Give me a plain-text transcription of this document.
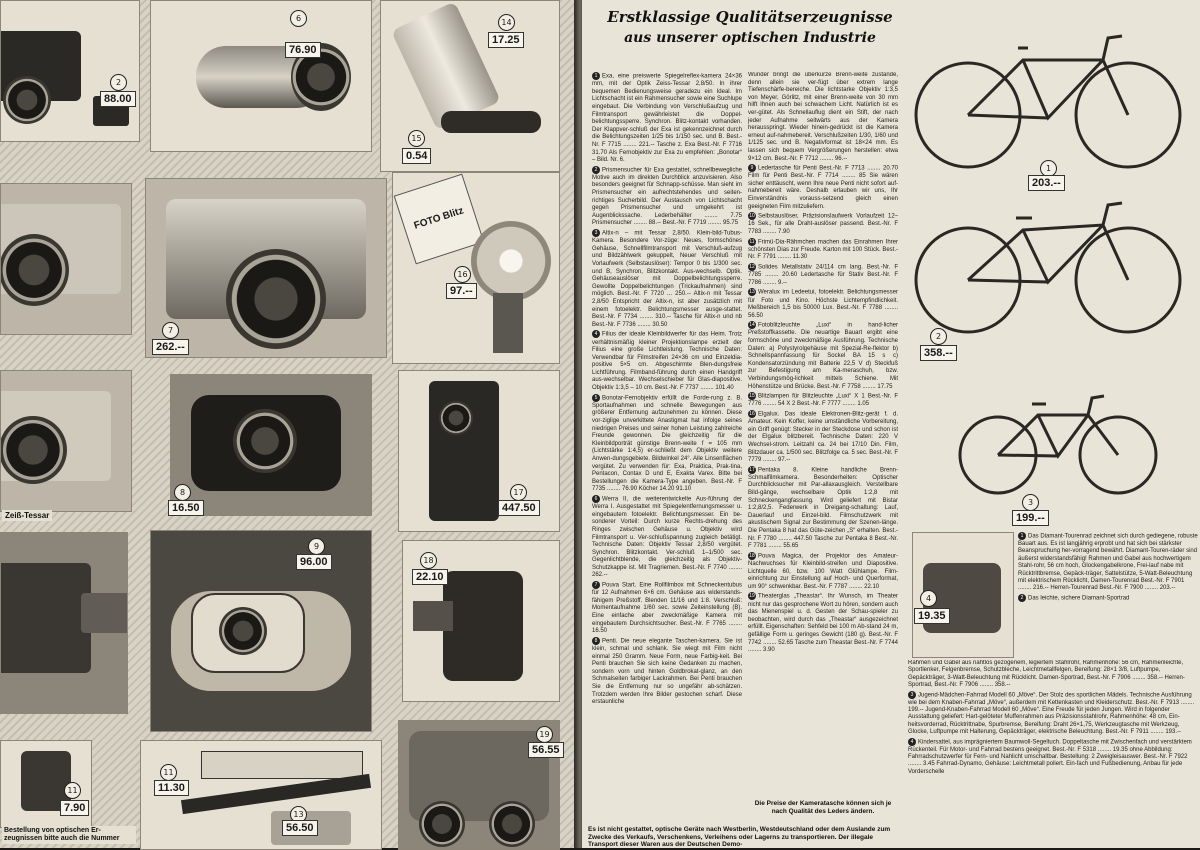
2
88.00
6
76.90
14
17.25
15
0.54
7
262.--
FOTO Blitz
16
97.--
Zeiß-Tessar
8
16.50
17
447.50
9
96.00	18
22.10
11
7.90
11
11.30
13
56.50
19
56.55
Bestellung von optischen Er-
zeugnissen bitte auch die Nummer
Erstklassige Qualitätserzeugnisse
aus unserer optischen Industrie
1 Exa, eine preiswerte Spiegelreflex-kamera 24×36 mm, mit der Optik Zeiss-Tessar 2,8/50. In ihrer bequemen Bedienungsweise geradezu ein Ideal. Im Lichtschacht ist ein Rahmensucher sowie eine Suchlupe eingebaut. Die Verbindung von Verschlußaufzug und Filmtransport gewährleistet die Doppel-belichtungssperre. Synchron. Blitz-kontakt vorhanden. Der Klappver-schluß der Exa ist gekennzeichnet durch die Belichtungszeiten 1/25 bis 1/150 sec. und B. Best.-Nr. F 7715 ........ 221.-- Tasche z. Exa Best.-Nr. F 7716 31.70 Als Fernobjektiv zur Exa zu empfehlen: „Bonotar“ – Bild. Nr. 6.
2 Prismensucher für Exa gestattet, schnellbewegliche Motive auch im direkten Durchblick anzuvisieren. Also besonders geeignet für Schnapp-schüsse. Man sieht im Prismensucher ein aufrechtstehendes und seiten-richtiges Sucherbild. Der Austausch von Lichtschacht gegen Prismensucher und umgekehrt ist Augenblickssache. Lederbehälter ........ 7.75 Prismensucher ........ 88.-- Best.-Nr. F 7719 ........ 95.75
3 Altix-n – mit Tessar 2,8/50. Klein-bild-Tubus-Kamera. Besondere Vor-züge: Neues, formschönes Gehäuse, Schnellfilmtransport mit Verschluß-aufzug und Bildzählwerk gekuppelt, Neuer Verschluß mit Vorlaufwerk (Selbstauslöser): Tempor 0 bis 1/300 sec. und B, Synchron, Blitzkontakt. Aus-wechselb. Optik. Gehäuseauslöser mit Doppelbelichtungssperre. Gewollte Doppelbelichtungen (Trickaufnahmen) sind möglich. Best.-Nr. F 7720 ... 250.-- Altix-n mit Tessar 2,8/50 Entspricht der Altix-n, ist aber zusätzlich mit einem fotoelektr. Belichtungsmesser ausge-stattet. Best.-Nr. F 7734 ........ 310.-- Tasche für Altix-n und nb Best.-Nr. F 7736 ........ 30.50
4 Filius der ideale Kleinbildwerfer für das Heim. Trotz verhältnismäßig kleiner Projektionslampe erzielt der Filius eine große Lichtleistung. Technische Daten: Verwendbar für Filmstreifen 24×36 cm und Einzeldia-positive 5×5 cm. Abgeschirmte Blen-dungsfreie Lichtführung. Filmband-führung durch einen Handgriff aus-wechselbar. Wechselschieber für Glas-diapositive. Objektiv 1:3,5 – 10 cm. Best.-Nr. F 7737 ........ 101.40
5 Bonotar-Fernobjektiv erfüllt die Forde-rung z. B. Sportaufnahmen und schnelle Bewegungen aus größerer Entfernung aufzunehmen zu können. Diese vor-ziglige unverkittete Anastigmat hat infolge seines niedrigen Preises und seiner hohen Leistung zahlreiche Freunde gewonnen. Die gleichzeitig für die Kleinbildporträt günstige Brenn-weite f = 105 mm (Lichtstärke 1:4,5) er-schließt dem Objektiv weitere Anwen-dungsgebiete. Bildwinkel 24°. Alle Linsenflächen vergütet. Zu verwenden für: Exa, Praktica, Prak-tina, Pentacon, Contax D und E, Exakta Varex. Bitte bei Bestellungen die Kamera-Type angeben. Best.-Nr. F 7735 ........ 76.90 Köcher 14.20 91.10
6 Werra II, die weiterentwickelte Aus-führung der Werra I. Ausgestattet mit Spiegelentfernungsmesser u. eingebautem fotoelektr. Belichtungsmesser. Ein be-sonderer Vorteil: Durch kurze Rechts-drehung des Ringes zwischen Gehäuse u. Objektiv wird Filmtransport u. Ver-schlußspannung zugleich betätigt. Technische Daten: Objektiv Tessar 2,8/50 vergütet. Synchron. Blitzkontakt. Ver-schluß 1–1/500 sec. Gegenlichtblende, die gleichzeitig als Objektiv-Schutzkappe ist. Mit Tragriemen. Best.-Nr. F 7740 ........ 262.--
7 Pouva Start. Eine Rollfilmbox mit Schneckentubus für 12 Aufnahmen 6×6 cm. Gehäuse aus widerstands-fähigem Preßstoff. Blenden 11/16 und 1:8. Verschluß: Momentaufnahme 1/60 sec. sowie Zeiteinstellung (B). Eine einfache aber zweckmäßige Kamera mit eingebautem Durchsichtsucher. Best.-Nr. F 7765 ........ 16.50
8 Penti. Die neue elegante Taschen-kamera. Sie ist klein, schmal und schlank. Sie wiegt mit Film nicht einmal 250 Gramm. Neue Form, neue Farbig-keit. Bei Penti brauchen Sie sich keine Gedanken zu machen, sondern vorn und hinten Goldbrokat-glanz, an den Schmalseiten farbiger Lackrahmen. Bei Penti brauchen Sie die Entfernung nur so ungefähr ab-schätzen. Trotzdem werden Ihre Bilder gestochen scharf. Diese erstaunliche
Wunder bringt die überkurze Brenn-weite zustande, denn allein sie ver-fügt über extrem lange Tiefenschärfe-bereiche. Die lichtstarke Objektiv 1:3,5 von Meyer, Görlitz, mit einer Brenn-weite von 30 mm hilft Ihnen auch bei schwachem Licht. Natürlich ist es ver-gütet. Als Schnellauflug dient ein Stift, der nach jeder Aufnahme seitwärts aus der Kamera herausspringt. Wieder hinein-gedrückt ist die Kamera erneut auf-nahmebereit. Verschlußzeiten 1/30, 1/60 und 1/125 sec. und B. Negativformat ist 18×24 mm. Es lassen sich bequem Vergrößerungen herstellen: etwa 9×12 cm. Best.-Nr. F 7712 ........ 96.--
9 Ledertasche für Penti Best.-Nr. F 7713 ........ 20.70 Film für Penti Best.-Nr. F 7714 ........ 85 Sie wären sicher enttäuscht, wenn Ihre neue Penti nicht sofort auf-nahmebereit wäre. Deshalb erlauben wir uns, Ihr Einverständnis vorauss-setzend gleich einen geeigneten Film mitzuliefern.
10 Selbstauslöser, Präzisionslaufwerk Vorlaufzeit 12–16 Sek., für alle Draht-auslöser passend. Best.-Nr. F 7783 ........ 7.90
11 Frimü-Dia-Rähmchen machen das Einrahmen Ihrer schönsten Dias zur Freude. Karton mit 100 Stück. Best.-Nr. F 7791 ........ 11.30
12 Solides Metallstativ 24/114 cm lang. Best.-Nr. F 7785 ........ 20.60 Ledertasche für Stativ Best.-Nr. F 7786 ........ 9.--
13 Weralux im Ledeetui, fotoelektr. Belichtungsmesser für Foto und Kino. Höchste Lichtempfindlichkeit. Meßbereich 1,5 bis 50000 Lux. Best.-Nr. F 7788 ........ 56.50
14 Fotoblitzleuchte „Luxi“ in hand-licher Preßstoffkassette. Die neuartige Bauart ergibt eine formschöne und zweckmäßige Ausführung. Technische Daten: a) Polystyrolgehäuse mit Spezial-Re-flektor b) Schnellspannfassung für Sockel BA 15 s c) Kondensatorzündung mit Batterie 22,5 V d) Steckfuß zur Befestigung am Ka-meraschuh, bzw. Verbindungsmög-lichkeit mittels Schiene. Mit Höhenstütze und Brücke. Best.-Nr. F 7758 ........ 17.75
15 Blitzlampen für Blitzleuchte „Luxi“ X 1 Best.-Nr. F 7776 ........ 54 X 2 Best.-Nr. F 7777 ........ 1.05
16 Elgalux. Das ideale Elektronen-Blitz-gerät f. d. Amateur. Kein Koffer, keine umständliche Vorbereitung, ein Griff genügt: Stecker in der Steckdose und schon ist der Elgalux blitzbereit. Technische Daten: 220 V Wechsel-strom. Leitzahl ca. 24 bei 17/10 Din. Film, Blitzdauer ca. 1/500 sec. Blitzfolge ca. 5 sec. Best.-Nr. F 7779 ........ 97.--
17 Pentaka 8. Kleine handliche Brenn-Schmalfilmkamera. Besonderheiten: Optischer Durchblicksucher mit Par-allaxausgleich. Verstellbare Bild-gänge, wechselbare Optik 1:2,8 mit Schneckengangfassung. Wird geliefert mit Bistar 1:2,8/2,5. Federwerk in Dreigang-schaltung: Lauf, Dauerlauf und Einzel-bild. Filmschutzwerk mit akustischem Signal zur Bestimmung der Szenen-länge. Die Pentaka 8 hat das Güte-zeichen „S“ erhalten. Best.-Nr. F 7780 ........ 447.50 Tasche zur Pentaka 8 Best.-Nr. F 7781 ........ 55.65
18 Pouva Magica, der Projektor des Amateur-Nachwuchses für Kleinbild-streifen und Diapositive. Lichtquelle 60, bzw. 100 Watt Glühlampe. Film-einrichtung zur Einstellung auf Hoch- und Querformat, um 90° schwenkbar. Best.-Nr. F 7787 ........ 22.10
19 Theaterglas „Theastar“. Ihr Wunsch, im Theater nicht nur das gesprochene Wort zu hören, sondern auch das Mienenspiel u. d. Gesten der Schau-spieler zu beobachten, wird durch das „Theastar“ ausgezeichnet erfüllt. Eigenschaften: Sehfeld bei 100 m Ab-stand 24 m, gefällige Form u. geringes Gewicht (180 g). Best.-Nr. F 7742 ........ 52.65 Tasche zum Theastar Best.-Nr. F 7744 ........ 3.90
Die Preise der Kameratasche können sich je nach Qualität des Leders ändern.
Es ist nicht gestattet, optische Geräte nach Westberlin, Westdeutschland oder dem Auslande zum Zwecke des Verkaufs, Verschenkens, Verleihens oder Lagerns zu transportieren. Der illegale Transport dieser Waren aus der Deutschen Demo-
1
203.--
2
358.--
3
199.--
4
19.35
1 Das Diamant-Tourenrad zeichnet sich durch gediegene, robuste Bauart aus. Es ist langjährig erprobt und hat sich bei stärkster Beanspruchung her-vorragend bewährt. Diamant-Touren-räder sind äußerst widerstandsfähig! Rahmen und Gabel aus hochwertigem Stahl-rohr, 56 cm hoch, Glockengabelkrone, Frei-lauf nabe mit Rücktrittbremse, Gepäck-träger, Sattelstütze, 5-Watt-Beleuchtung mit elektrischem Rücklicht, Damen-Tourenrad Best.-Nr. F 7901 ........ 216.-- Herren-Tourenrad Best.-Nr. F 7900 ........ 203.--
2 Das leichte, sichere Diamant-Sportrad
Rahmen und Gabel aus nahtlos gezogenem, legiertem Stahlrohr, Rahmenhöhe: 56 cm, Rahmenleichte, Sportlenker, Felgenbremse, Schutzbleche, Leichtmetallfelgen, Bereifung: 28×1 3/8, Luftpumpe, Gepäckträger, 3-Watt-Beleuchtung mit Rücklicht. Damen-Sportrad, Best.-Nr. F 7906 ........ 358.-- Herren-Sportrad, Best.-Nr. F 7906 ........ 358.--
3 Jugend-Mädchen-Fahrrad Modell 60 „Möve“. Der Stolz des sportlichen Mädels. Technische Ausführung wie bei dem Knaben-Fahrrad „Möve“, außerdem mit Kettenkasten und Kleiderschutz. Best.-Nr. F 7913 ........ 199.-- Jugend-Knaben-Fahrrad Modell 60 „Möve“. Eine Freude für jeden Jungen. Wird in folgender Ausstattung geliefert: Hart-gelöteter Muffenrahmen aus Präzisionsstahlrohr, Rahmenhöhe: 48 cm, Ein-heitsvorderrad, Rücktrittnabe, Spurbremse, Bereifung: Draht 26×1,75, Werkzeugtasche mit Werkzeug, Glocke, Luftpumpe mit Halterung, Gepäckträger, elektrische Beleuchtung. Best.-Nr. F 7911 ........ 193.--
4 Kindersattel, aus imprägniertem Baumwoll-Segeltuch. Doppeltasche mit Zwischenfach und verstärktem Rückenteil. Für Motor- und Fahrrad bestens geeignet. Best.-Nr. F 5318 ........ 19.35 ohne Abbildung: Fahrradschutzwerfer für Fern- und Nahlicht umschaltbar. Bestellung: 2 Zweigleisauswer. Best.-Nr. F 7922 ........ 3.45 Fahrrad-Dynamo, Gehäuse: Leichtmetall poliert. Ein-fach und Fußbedienung, Anbau für jede Vorderschelle
